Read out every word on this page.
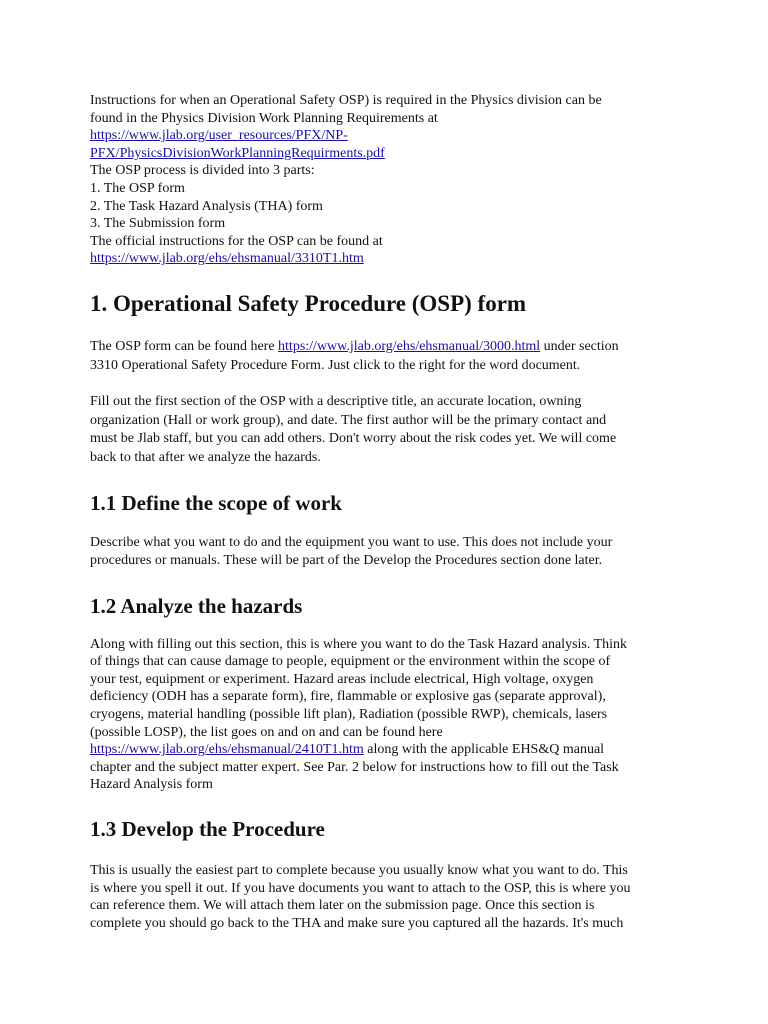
Instructions for when an Operational Safety OSP) is required in the Physics division can be
found in the Physics Division Work Planning Requirements at
https://www.jlab.org/user_resources/PFX/NP-
PFX/PhysicsDivisionWorkPlanningRequirments.pdf
The OSP process is divided into 3 parts:
1. The OSP form
2. The Task Hazard Analysis (THA) form
3. The Submission form
The official instructions for the OSP can be found at
https://www.jlab.org/ehs/ehsmanual/3310T1.htm
1. Operational Safety Procedure (OSP) form
The OSP form can be found here https://www.jlab.org/ehs/ehsmanual/3000.html under section
3310 Operational Safety Procedure Form. Just click to the right for the word document.
Fill out the first section of the OSP with a descriptive title, an accurate location, owning
organization (Hall or work group), and date. The first author will be the primary contact and
must be Jlab staff, but you can add others. Don't worry about the risk codes yet. We will come
back to that after we analyze the hazards.
1.1 Define the scope of work
Describe what you want to do and the equipment you want to use. This does not include your
procedures or manuals. These will be part of the Develop the Procedures section done later.
1.2 Analyze the hazards
Along with filling out this section, this is where you want to do the Task Hazard analysis. Think
of things that can cause damage to people, equipment or the environment within the scope of
your test, equipment or experiment. Hazard areas include electrical, High voltage, oxygen
deficiency (ODH has a separate form), fire, flammable or explosive gas (separate approval),
cryogens, material handling (possible lift plan), Radiation (possible RWP), chemicals, lasers
(possible LOSP), the list goes on and on and can be found here
https://www.jlab.org/ehs/ehsmanual/2410T1.htm along with the applicable EHS&Q manual
chapter and the subject matter expert. See Par. 2 below for instructions how to fill out the Task
Hazard Analysis form
1.3 Develop the Procedure
This is usually the easiest part to complete because you usually know what you want to do. This
is where you spell it out. If you have documents you want to attach to the OSP, this is where you
can reference them. We will attach them later on the submission page. Once this section is
complete you should go back to the THA and make sure you captured all the hazards. It's much
